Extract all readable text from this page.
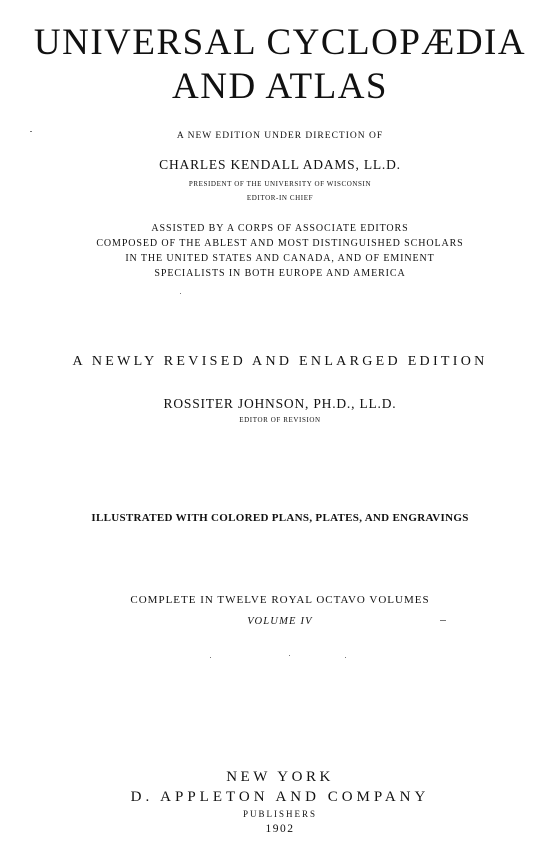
UNIVERSAL CYCLOPÆDIA
AND ATLAS
A NEW EDITION UNDER DIRECTION OF
CHARLES KENDALL ADAMS, LL.D.
PRESIDENT OF THE UNIVERSITY OF WISCONSIN
EDITOR-IN CHIEF
ASSISTED BY A CORPS OF ASSOCIATE EDITORS
COMPOSED OF THE ABLEST AND MOST DISTINGUISHED SCHOLARS
IN THE UNITED STATES AND CANADA, AND OF EMINENT
SPECIALISTS IN BOTH EUROPE AND AMERICA
A NEWLY REVISED AND ENLARGED EDITION
ROSSITER JOHNSON, PH.D., LL.D.
EDITOR OF REVISION
ILLUSTRATED WITH COLORED PLANS, PLATES, AND ENGRAVINGS
COMPLETE IN TWELVE ROYAL OCTAVO VOLUMES
VOLUME IV
NEW YORK
D. APPLETON AND COMPANY
PUBLISHERS
1902
